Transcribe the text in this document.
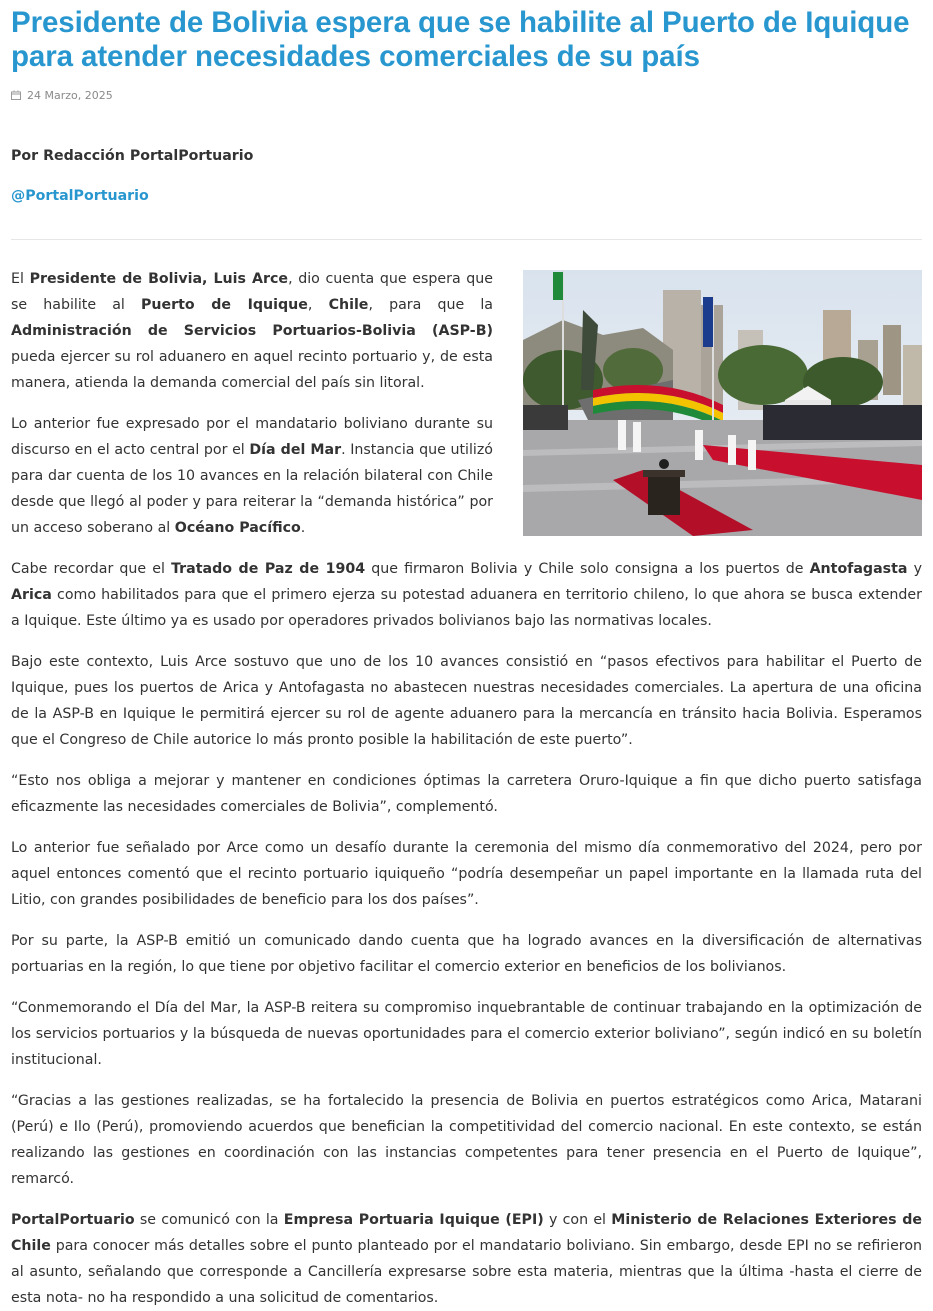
Presidente de Bolivia espera que se habilite al Puerto de Iquique para atender necesidades comerciales de su país
24 Marzo, 2025
Por Redacción PortalPortuario
@PortalPortuario

El Presidente de Bolivia, Luis Arce, dio cuenta que espera que se habilite al Puerto de Iquique, Chile, para que la Administración de Servicios Portuarios-Bolivia (ASP-B) pueda ejercer su rol aduanero en aquel recinto portuario y, de esta manera, atienda la demanda comercial del país sin litoral.

Lo anterior fue expresado por el mandatario boliviano durante su discurso en el acto central por el Día del Mar. Instancia que utilizó para dar cuenta de los 10 avances en la relación bilateral con Chile desde que llegó al poder y para reiterar la “demanda histórica” por un acceso soberano al Océano Pacífico.

Cabe recordar que el Tratado de Paz de 1904 que firmaron Bolivia y Chile solo consigna a los puertos de Antofagasta y Arica como habilitados para que el primero ejerza su potestad aduanera en territorio chileno, lo que ahora se busca extender a Iquique. Este último ya es usado por operadores privados bolivianos bajo las normativas locales.

Bajo este contexto, Luis Arce sostuvo que uno de los 10 avances consistió en “pasos efectivos para habilitar el Puerto de Iquique, pues los puertos de Arica y Antofagasta no abastecen nuestras necesidades comerciales. La apertura de una oficina de la ASP-B en Iquique le permitirá ejercer su rol de agente aduanero para la mercancía en tránsito hacia Bolivia. Esperamos que el Congreso de Chile autorice lo más pronto posible la habilitación de este puerto”.

“Esto nos obliga a mejorar y mantener en condiciones óptimas la carretera Oruro-Iquique a fin que dicho puerto satisfaga eficazmente las necesidades comerciales de Bolivia”, complementó.

Lo anterior fue señalado por Arce como un desafío durante la ceremonia del mismo día conmemorativo del 2024, pero por aquel entonces comentó que el recinto portuario iquiqueño “podría desempeñar un papel importante en la llamada ruta del Litio, con grandes posibilidades de beneficio para los dos países”.

Por su parte, la ASP-B emitió un comunicado dando cuenta que ha logrado avances en la diversificación de alternativas portuarias en la región, lo que tiene por objetivo facilitar el comercio exterior en beneficios de los bolivianos.

“Conmemorando el Día del Mar, la ASP-B reitera su compromiso inquebrantable de continuar trabajando en la optimización de los servicios portuarios y la búsqueda de nuevas oportunidades para el comercio exterior boliviano”, según indicó en su boletín institucional.

“Gracias a las gestiones realizadas, se ha fortalecido la presencia de Bolivia en puertos estratégicos como Arica, Matarani (Perú) e Ilo (Perú), promoviendo acuerdos que benefician la competitividad del comercio nacional. En este contexto, se están realizando las gestiones en coordinación con las instancias competentes para tener presencia en el Puerto de Iquique”, remarcó.

PortalPortuario se comunicó con la Empresa Portuaria Iquique (EPI) y con el Ministerio de Relaciones Exteriores de Chile para conocer más detalles sobre el punto planteado por el mandatario boliviano. Sin embargo, desde EPI no se refirieron al asunto, señalando que corresponde a Cancillería expresarse sobre esta materia, mientras que la última -hasta el cierre de esta nota- no ha respondido a una solicitud de comentarios.
